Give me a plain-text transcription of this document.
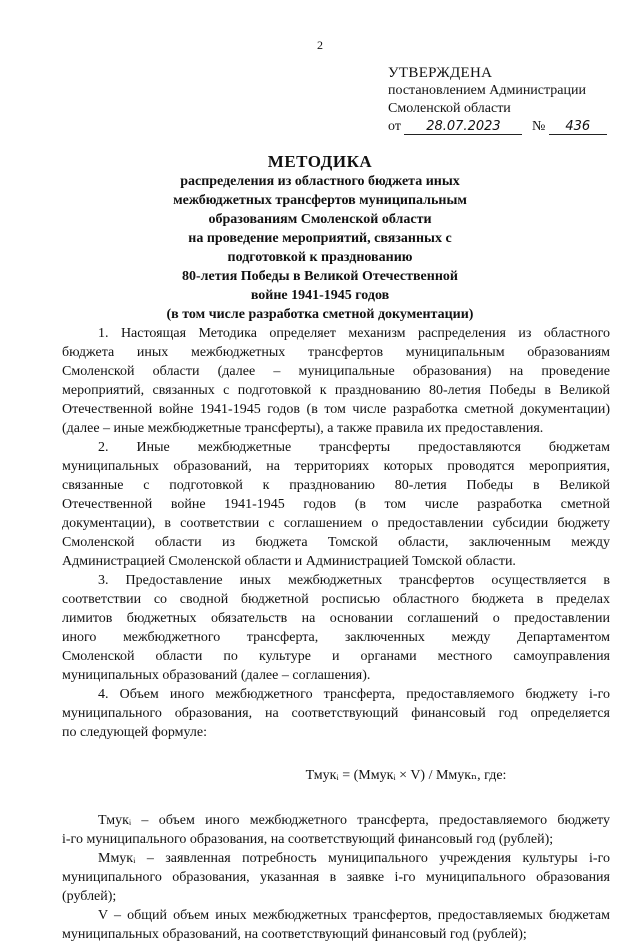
2
УТВЕРЖДЕНА
постановлением Администрации
Смоленской области
от 28.07.2023 № 436
МЕТОДИКА
распределения из областного бюджета иных
межбюджетных трансфертов муниципальным
образованиям Смоленской области
на проведение мероприятий, связанных с
подготовкой к празднованию
80-летия Победы в Великой Отечественной
войне 1941-1945 годов
(в том числе разработка сметной документации)
1. Настоящая Методика определяет механизм распределения из областного
бюджета иных межбюджетных трансфертов муниципальным образованиям
Смоленской области (далее – муниципальные образования) на проведение
мероприятий, связанных с подготовкой к празднованию 80-летия Победы в Великой
Отечественной войне 1941-1945 годов (в том числе разработка сметной документации)
(далее – иные межбюджетные трансферты), а также правила их предоставления.
2. Иные межбюджетные трансферты предоставляются бюджетам
муниципальных образований, на территориях которых проводятся мероприятия,
связанные с подготовкой к празднованию 80-летия Победы в Великой
Отечественной войне 1941-1945 годов (в том числе разработка сметной
документации), в соответствии с соглашением о предоставлении субсидии бюджету
Смоленской области из бюджета Томской области, заключенным между
Администрацией Смоленской области и Администрацией Томской области.
3. Предоставление иных межбюджетных трансфертов осуществляется в
соответствии со сводной бюджетной росписью областного бюджета в пределах
лимитов бюджетных обязательств на основании соглашений о предоставлении
иного межбюджетного трансферта, заключенных между Департаментом
Смоленской области по культуре и органами местного самоуправления
муниципальных образований (далее – соглашения).
4. Объем иного межбюджетного трансферта, предоставляемого бюджету i-го
муниципального образования, на соответствующий финансовый год определяется
по следующей формуле:
Тмукᵢ = (Ммукᵢ × V) / Ммукₙ, где:
Тмукᵢ – объем иного межбюджетного трансферта, предоставляемого бюджету
i-го муниципального образования, на соответствующий финансовый год (рублей);
Ммукᵢ – заявленная потребность муниципального учреждения культуры i-го
муниципального образования, указанная в заявке i-го муниципального образования
(рублей);
V – общий объем иных межбюджетных трансфертов, предоставляемых бюджетам
муниципальных образований, на соответствующий финансовый год (рублей);
